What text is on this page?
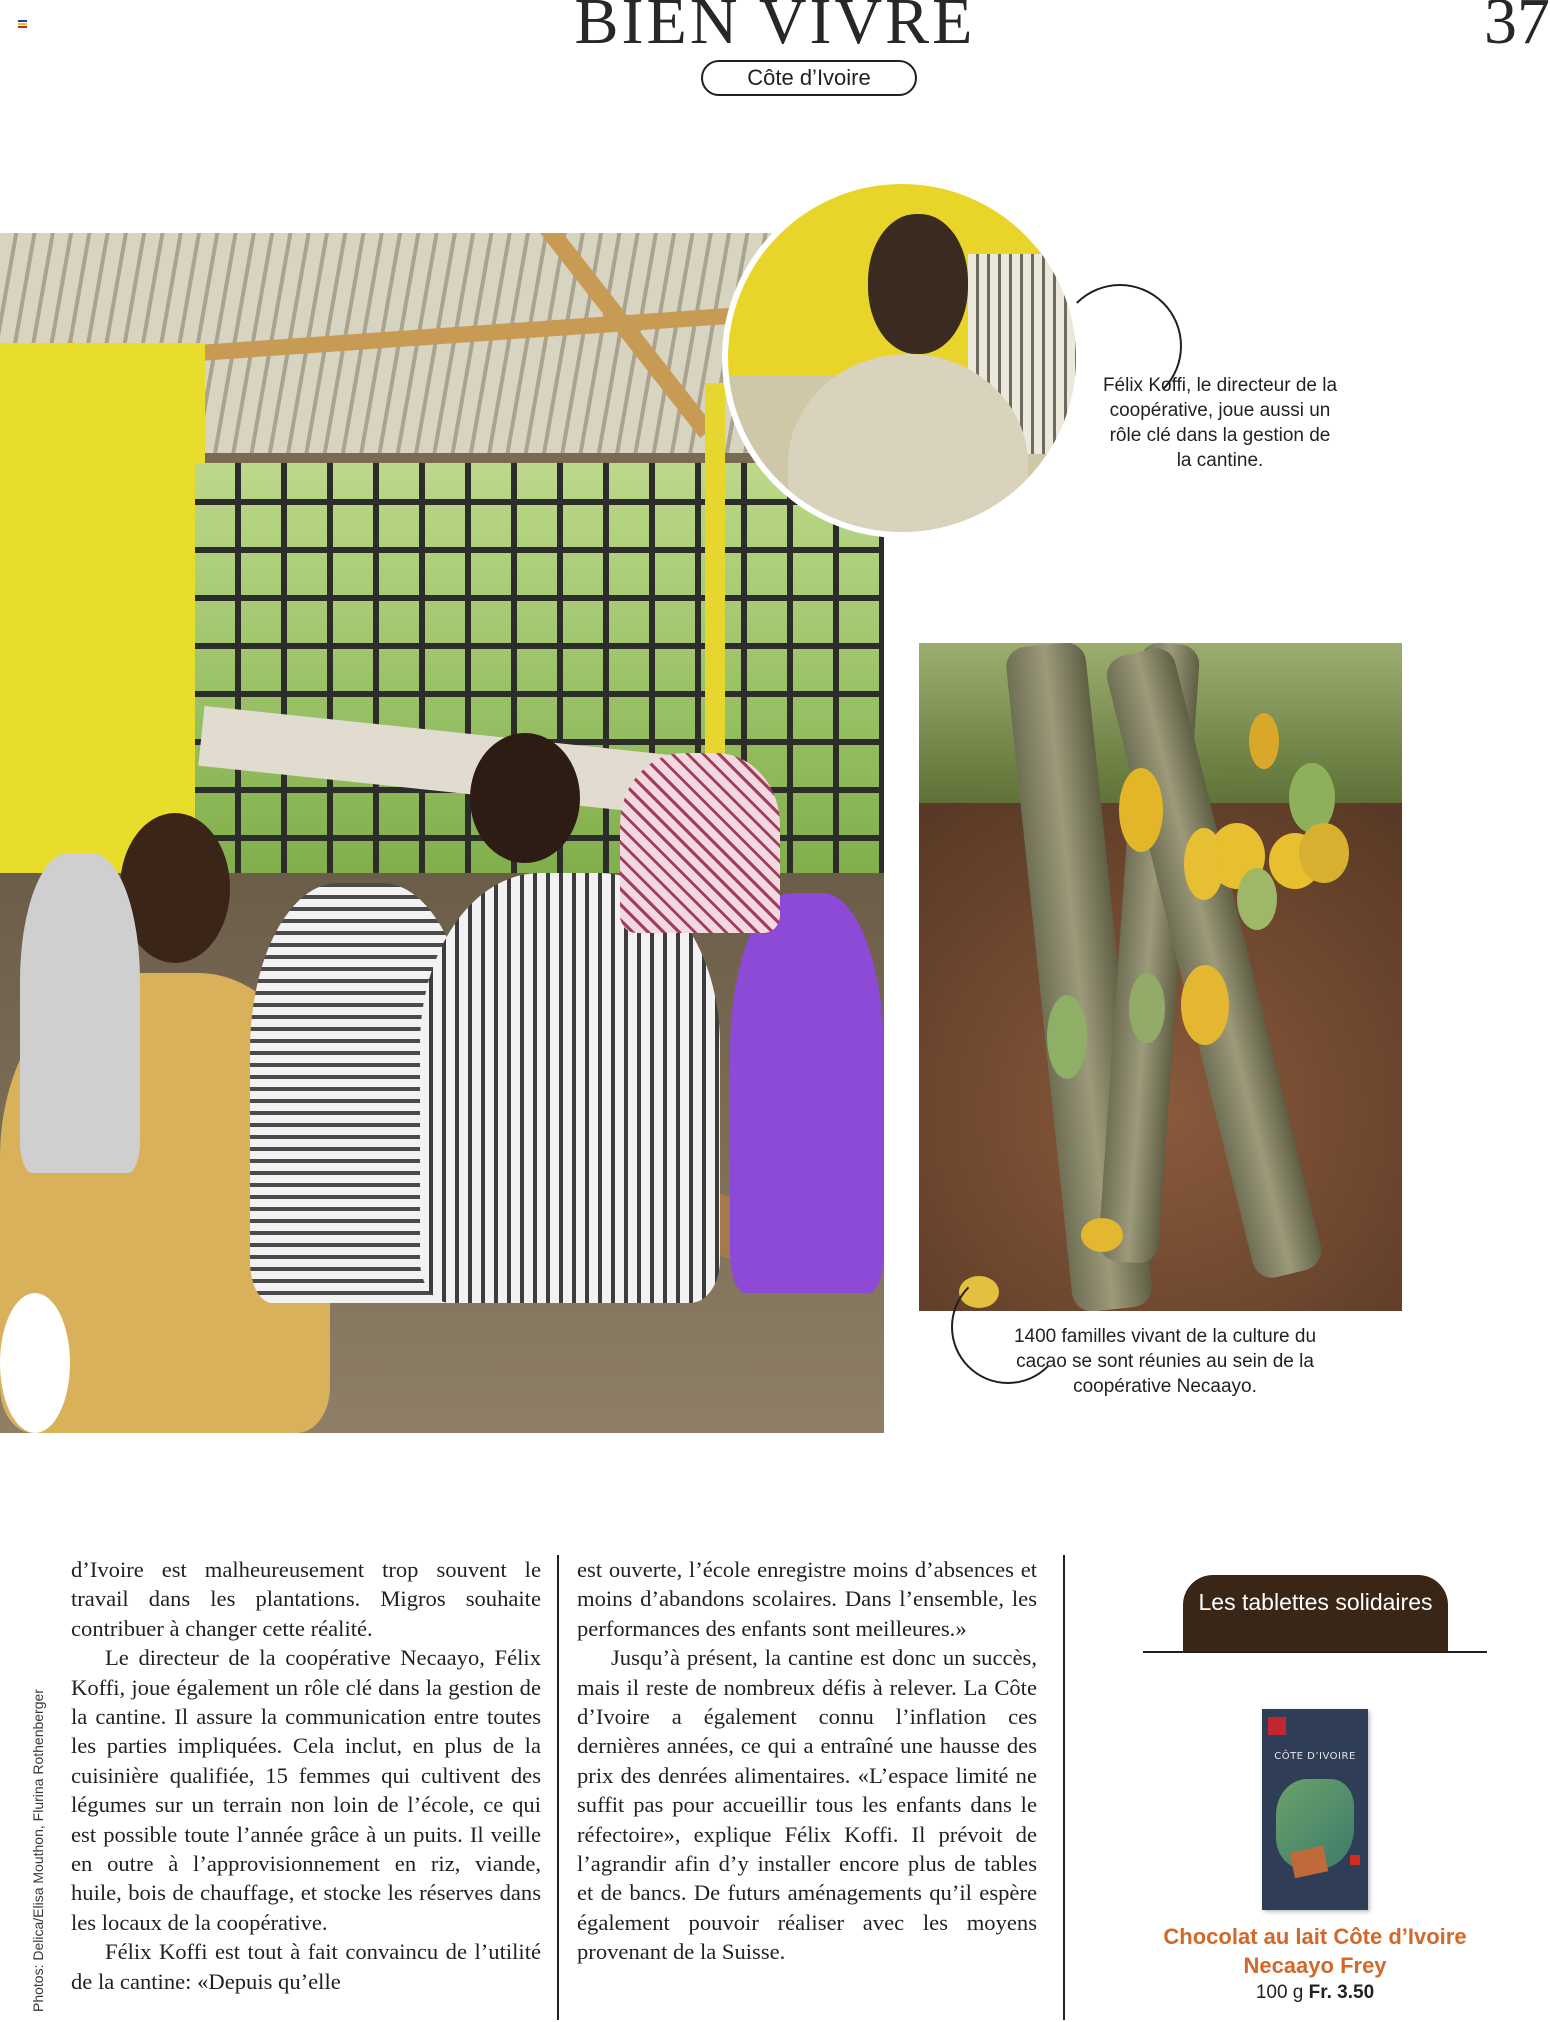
BIEN VIVRE	37
Côte d’Ivoire
Félix Koffi, le directeur de la coopérative, joue aussi un rôle clé dans la gestion de la cantine.
1400 familles vivant de la culture du cacao se sont réunies au sein de la coopérative Necaayo.
Photos: Delica/Elisa Mouthon, Flurina Rothenberger

d’Ivoire est malheureusement trop souvent le travail dans les plantations. Migros souhaite contribuer à changer cette réalité.

Le directeur de la coopérative Necaayo, Félix Koffi, joue également un rôle clé dans la gestion de la cantine. Il assure la communication entre toutes les parties impliquées. Cela inclut, en plus de la cuisinière qualifiée, 15 femmes qui cultivent des légumes sur un terrain non loin de l’école, ce qui est possible toute l’année grâce à un puits. Il veille en outre à l’approvisionnement en riz, viande, huile, bois de chauffage, et stocke les réserves dans les locaux de la coopérative.

Félix Koffi est tout à fait convaincu de l’utilité de la cantine: «Depuis qu’elle

est ouverte, l’école enregistre moins d’absences et moins d’abandons scolaires. Dans l’ensemble, les performances des enfants sont meilleures.»

Jusqu’à présent, la cantine est donc un succès, mais il reste de nombreux défis à relever. La Côte d’Ivoire a également connu l’inflation ces dernières années, ce qui a entraîné une hausse des prix des denrées alimentaires. «L’espace limité ne suffit pas pour accueillir tous les enfants dans le réfectoire», explique Félix Koffi. Il prévoit de l’agrandir afin d’y installer encore plus de tables et de bancs. De futurs aménagements qu’il espère également pouvoir réaliser avec les moyens provenant de la Suisse.

Les tablettes solidaires
CÔTE D’IVOIRE
Chocolat au lait Côte d’Ivoire Necaayo Frey
100 g Fr. 3.50
